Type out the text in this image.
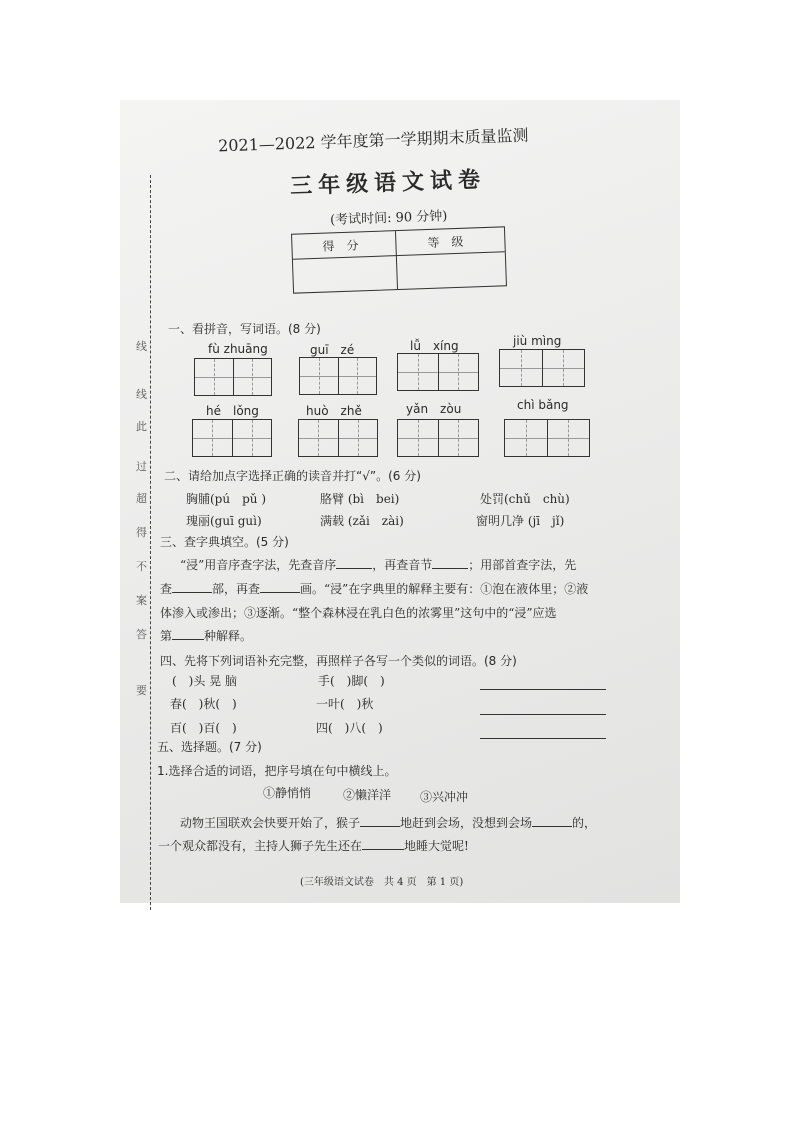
2021—2022 学年度第一学期期末质量监测
三年级语文试卷
(考试时间: 90 分钟)
得　分	等　级
线
线
此
过
超
得
不
案
答
要
一、看拼音，写词语。(8 分)
fù zhuāng	guī　zé	lǚ　xíng	jiù mìng
hé　lǒng	huò　zhě	yǎn　zòu	chì bǎng
二、请给加点字选择正确的读音并打“√”。(6 分)
胸脯(pú　pǔ )	胳臂 (bì　bei)	处罚(chǔ　chù)
瑰丽(guī guì)	满载 (zǎi　zài)	窗明几净 (jī　jǐ)
三、查字典填空。(5 分)
“浸”用音序查字法，先查音序	，再查音节	；用部首查字法，先
查	部，再查	画。“浸”在字典里的解释主要有：①泡在液体里；②液
体渗入或渗出；③逐渐。“整个森林浸在乳白色的浓雾里”这句中的“浸”应选
第	种解释。
四、先将下列词语补充完整，再照样子各写一个类似的词语。(8 分)
(　)头 晃 脑	手(　)脚(　)
春(　)秋(　)	一叶(　)秋
百(　)百(　)	四(　)八(　)
五、选择题。(7 分)
1.选择合适的词语，把序号填在句中横线上。
①静悄悄	②懒洋洋 ③兴冲冲
动物王国联欢会快要开始了，猴子	地赶到会场，没想到会场	的，
一个观众都没有，主持人狮子先生还在	地睡大觉呢!
(三年级语文试卷　共 4 页　第 1 页)
